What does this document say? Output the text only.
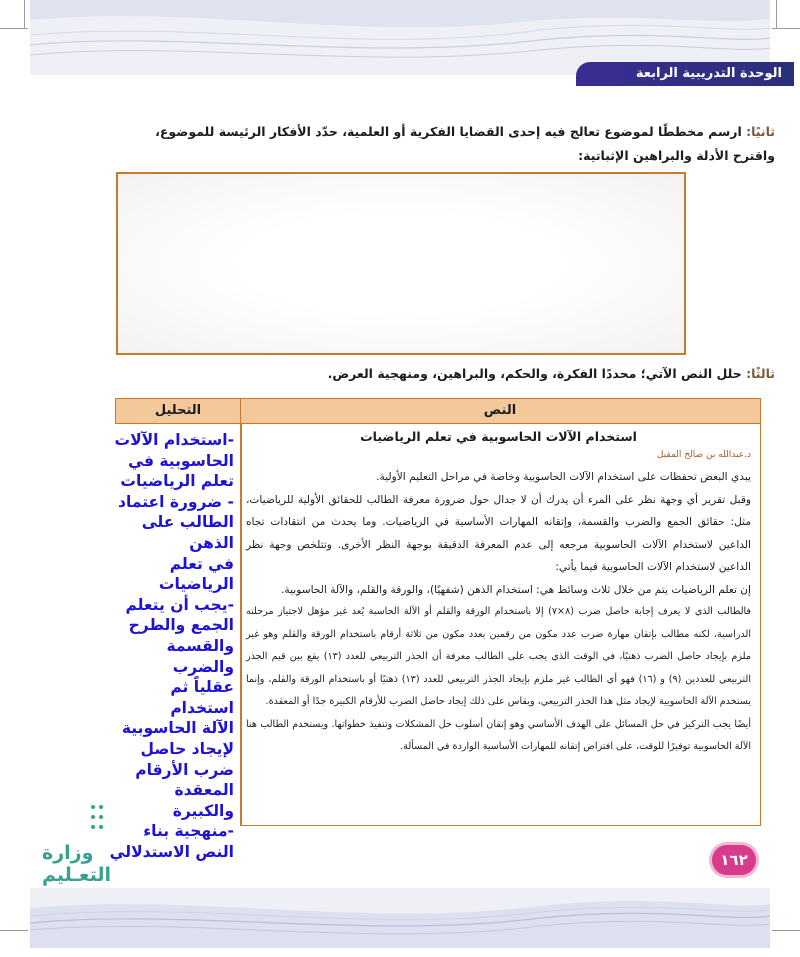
الوحدة التدريبية الرابعة
ثانيًا: ارسم مخططًا لموضوع تعالج فيه إحدى القضايا الفكرية أو العلمية، حدّد الأفكار الرئيسة للموضوع،
واقترح الأدلة والبراهين الإثباتية:
ثالثًا: حلل النص الآتي؛ محددًا الفكرة، والحكم، والبراهين، ومنهجية العرض.
التحليل	النص
استخدام الآلات الحاسوبية في تعلم الرياضيات
د.عبدالله بن صالح المقبل

يبدي البعض تحفظات على استخدام الآلات الحاسوبية وخاصة في مراحل التعليم الأولية.

وقبل تقرير أي وجهة نظر على المرء أن يدرك أن لا جدال حول ضرورة معرفة الطالب للحقائق الأولية للرياضيات، مثل: حقائق الجمع والضرب والقسمة، وإتقانه المهارات الأساسية في الرياضيات. وما يحدث من انتقادات تجاه الداعين لاستخدام الآلات الحاسوبية مرجعه إلى عدم المعرفة الدقيقة بوجهة النظر الأخرى. وتتلخص وجهة نظر الداعين لاستخدام الآلات الحاسوبية فيما يأتي:

إن تعلم الرياضيات يتم من خلال ثلاث وسائط هي: استخدام الذهن (شفهيًا)، والورقة والقلم، والآلة الحاسوبية.

فالطالب الذي لا يعرف إجابة حاصل ضرب (٨×٧) إلا باستخدام الورقة والقلم أو الآلة الحاسبة يُعد غير مؤهل لاجتياز مرحلته الدراسية، لكنه مطالب بإتقان مهارة ضرب عدد مكون من رقمين بعدد مكون من ثلاثة أرقام باستخدام الورقة والقلم وهو غير ملزم بإيجاد حاصل الضرب ذهنيًا، في الوقت الذي يجب على الطالب معرفة أن الجذر التربيعي للعدد (١٣) يقع بين قيم الجذر التربيعي للعددين (٩) و (١٦) فهو أي الطالب غير ملزم بإيجاد الجذر التربيعي للعدد (١٣) ذهنيًا أو باستخدام الورقة والقلم، وإنما يستخدم الآلة الحاسوبية لإيجاد مثل هذا الجذر التربيعي، ويقاس على ذلك إيجاد حاصل الضرب للأرقام الكبيرة جدًا أو المعقدة.

أيضًا يجب التركيز في حل المسائل على الهدف الأساسي وهو إتقان أسلوب حل المشكلات وتنفيذ خطواتها. ويستخدم الطالب هنا الآلة الحاسوبية توفيرًا للوقت، على افتراض إتقانه للمهارات الأساسية الواردة في المسألة.

-استخدام الآلات
الحاسوبية في
تعلم الرياضيات
- ضرورة اعتماد
الطالب على الذهن
في تعلم
الرياضيات
-يجب أن يتعلم
الجمع والطرح
والقسمة والضرب
عقلياً ثم استخدام
الآلة الحاسوبية
لإيجاد حاصل
ضرب الأرقام
المعقدة والكبيرة
-منهجية بناء
النص الاستدلالي
وزارة التعـليم
١٦٢
